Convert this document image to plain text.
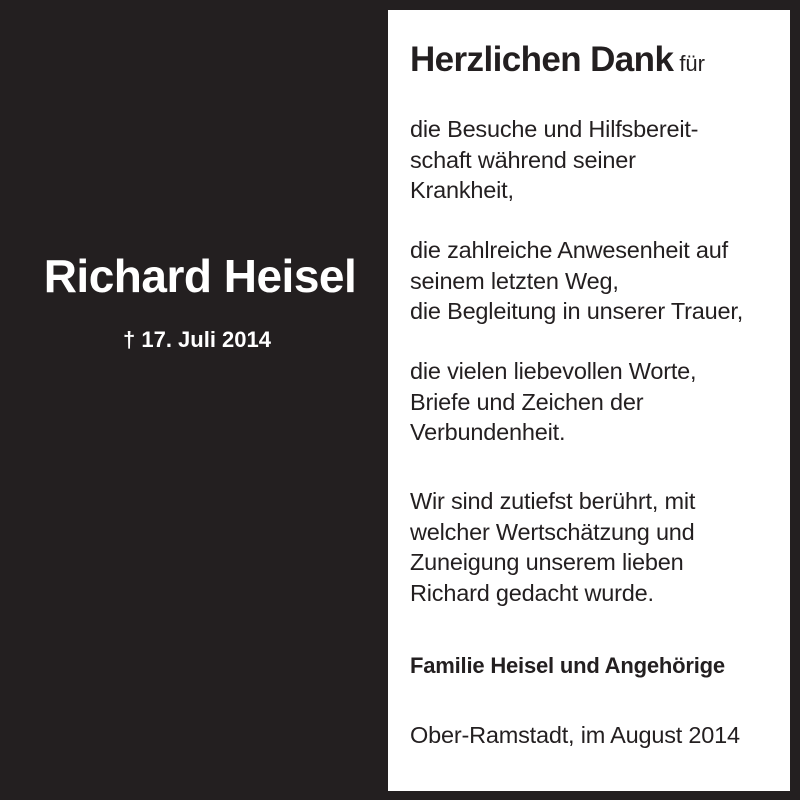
Richard Heisel
† 17. Juli 2014
Herzlichen Dank für
die Besuche und Hilfsbereit-
schaft während seiner
Krankheit,
die zahlreiche Anwesenheit auf
seinem letzten Weg,
die Begleitung in unserer Trauer,
die vielen liebevollen Worte,
Briefe und Zeichen der
Verbundenheit.
Wir sind zutiefst berührt, mit
welcher Wertschätzung und
Zuneigung unserem lieben
Richard gedacht wurde.
Familie Heisel und Angehörige
Ober-Ramstadt, im August 2014
